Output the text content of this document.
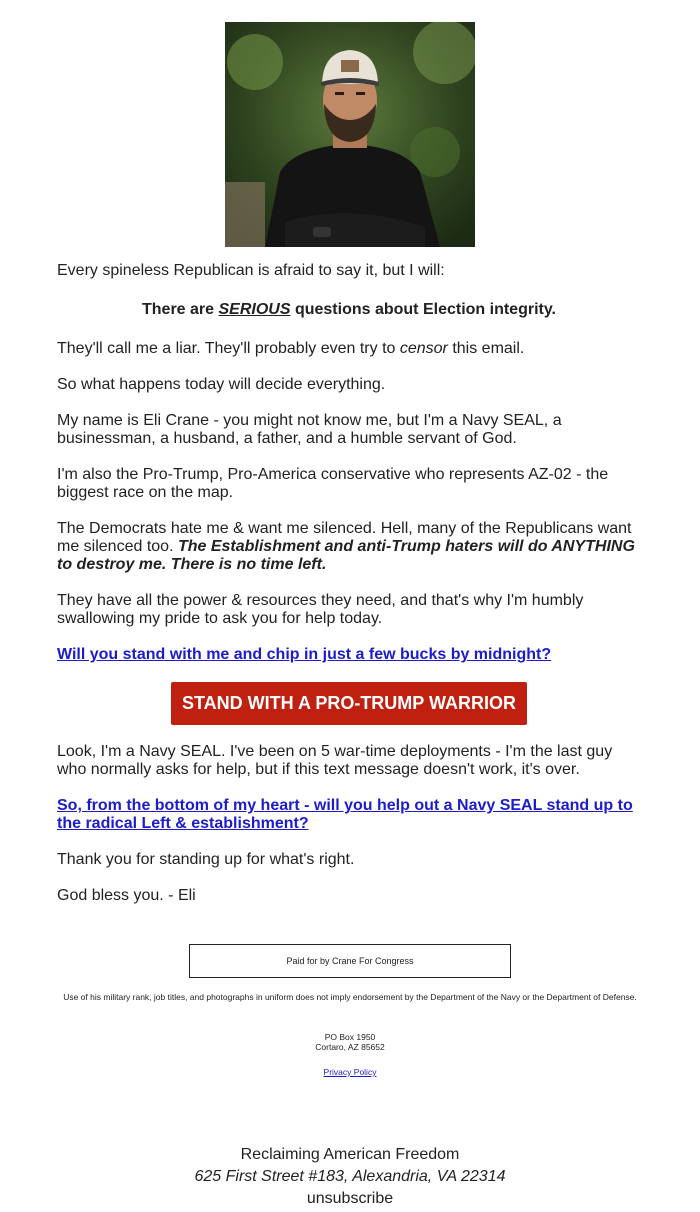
Every spineless Republican is afraid to say it, but I will:

There are SERIOUS questions about Election integrity.

They'll call me a liar. They'll probably even try to censor this email.

So what happens today will decide everything.

My name is Eli Crane - you might not know me, but I'm a Navy SEAL, a businessman, a husband, a father, and a humble servant of God.

I'm also the Pro-Trump, Pro-America conservative who represents AZ-02 - the biggest race on the map.

The Democrats hate me & want me silenced. Hell, many of the Republicans want me silenced too. The Establishment and anti-Trump haters will do ANYTHING to destroy me. There is no time left.

They have all the power & resources they need, and that's why I'm humbly swallowing my pride to ask you for help today.

Will you stand with me and chip in just a few bucks by midnight?

STAND WITH A PRO-TRUMP WARRIOR

Look, I'm a Navy SEAL. I've been on 5 war-time deployments - I'm the last guy who normally asks for help, but if this text message doesn't work, it's over.

So, from the bottom of my heart - will you help out a Navy SEAL stand up to the radical Left & establishment?

Thank you for standing up for what's right.

God bless you. - Eli

Paid for by Crane For Congress
Use of his military rank, job titles, and photographs in uniform does not imply endorsement by the Department of the Navy or the Department of Defense.
PO Box 1950
Cortaro, AZ 85652
Privacy Policy
Reclaiming American Freedom
625 First Street #183, Alexandria, VA 22314
unsubscribe
